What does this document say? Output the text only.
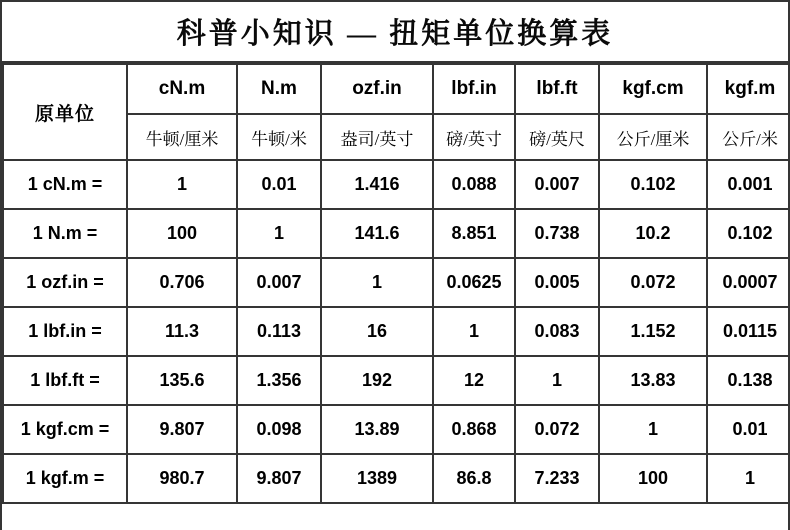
科普小知识 — 扭矩单位换算表
原单位	cN.m	N.m	ozf.in	lbf.in	lbf.ft	kgf.cm	kgf.m
	牛顿/厘米	牛顿/米	盎司/英寸	磅/英寸	磅/英尺	公斤/厘米	公斤/米
1 cN.m =	1	0.01	1.416	0.088	0.007	0.102	0.001
1 N.m =	100	1	141.6	8.851	0.738	10.2	0.102
1 ozf.in =	0.706	0.007	1	0.0625	0.005	0.072	0.0007
1 lbf.in =	11.3	0.113	16	1	0.083	1.152	0.0115
1 lbf.ft =	135.6	1.356	192	12	1	13.83	0.138
1 kgf.cm =	9.807	0.098	13.89	0.868	0.072	1	0.01
1 kgf.m =	980.7	9.807	1389	86.8	7.233	100	1
